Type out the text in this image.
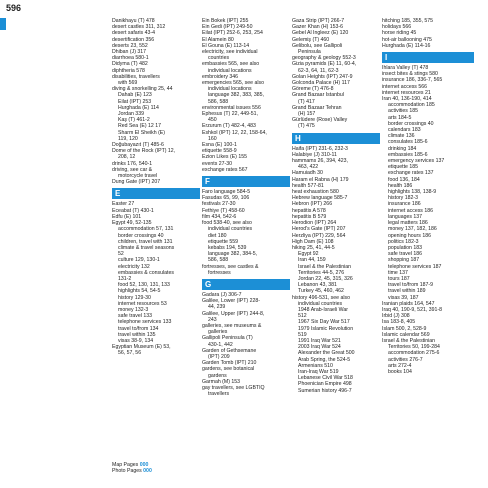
596
Danikhayu (T) 478
desert castles 311, 312
desert safaris 43-4
desertification 356
deserts 23, 552
Dhiban (J) 317
diarrhoea 580-1
Didyma (T) 482
diphtheria 578
disabilities, travellers
with 569
diving & snorkelling 25, 44
Dahab (E) 123
Eilat (IPT) 253
Hurghada (E) 114
Jordan 339
Kaş (T) 461-2
Red Sea (E) 12 17
Sharm El Sheikh (E)
119, 120
Doğubayazıt (T) 485-6
Dome of the Rock (IPT) 12,
208, 12
drinks 176, 540-1
driving, see car &
motorcycle travel
Dung Gate (IPT) 207
E
Easter 27
Eceabat (T) 430-1
Edfu (E) 101
Egypt 49, 52-135
accommodation 57, 131
border crossings 40
children, travel with 131
climate & travel seasons
52
culture 129, 130-1
electricity 132
embassies & consulates
131-2
food 52, 130, 131, 133
highlights 54, 54-5
history 129-30
internet resources 53
money 132-3
safe travel 133
telephone services 133
travel to/from 134
travel within 135
visas 38-9, 134
Egyptian Museum (E) 53,
56, 57, 56
Ein Bokek (IPT) 255
Ein Gedi (IPT) 249-50
Eilat (IPT) 252-6, 253, 254
El Alamein 80
El Gouna (E) 113-14
electricity, see individual
countries
embassies 565, see also
individual locations
embroidery 346
emergencies 565, see also
individual locations
language 382, 383, 385,
586, 588
environmental issues 556
Ephesus (T) 22, 449-51,
450
Erzurum (T) 482-4, 483
Eshkol (IPT) 12, 22, 158-64,
160
Esna (E) 100-1
etiquette 558-9
Ezion Likes (E) 155
events 27-30
exchange rates 567
F
Faro language 584-5
Fasudas 65, 99, 106
festivals 27-30
Fethiye (T) 458-60
film 434, 542-6
food 538-40, see also
individual countries
diet 180
etiquette 559
kebabs 194, 539
language 382, 384-5,
586, 588
fortresses, see castles &
fortresses
G
Gadara (J) 306-7
Galilee, Lower (IPT) 228-
44, 239
Galilee, Upper (IPT) 244-8,
243
galleries, see museums &
galleries
Gallipoli Peninsula (T)
430-1, 442
Garden of Gethsemane
(IPT) 209
Garden Tomb (IPT) 210
gardens, see botanical
gardens
Garmah (M) 153
gay travellers, see LGBTIQ
travellers
Gaza Strip (IPT) 266-7
Gazer Khan (H) 153-6
Gebel Al Ingleez (E) 120
Gelemiş (T) 460
Gelibolu, see Gallipoli
Peninsula
geography & geology 552-3
Gizia pyramids (E) 11, 60-4,
62-3, 64, 11, 62-3
Golan Heights (IPT) 247-9
Golconda Palace (H) 117
Göreme (T) 476-8
Grand Bazaar Istanbul
(T) 417
Grand Bazaar Tehran
(H) 157
Gürlüdere (Rose) Valley
(T) 475
H
Haifa (IPT) 231-6, 232-3
Halabiye (J) 310-11
hammams 26, 394, 423,
463, 422
Hamuiadh 30
Haram el Rabna (H) 179
health 577-81
heat exhaustion 580
Hebrew language 585-7
Hebron (IPT) 266
hepatitis A 578
hepatitis B 579
Herodion (IPT) 264
Herod's Gate (IPT) 207
Herzliya (IPT) 229, 564
High Dam (E) 108
hiking 25, 41, 44-5
Egypt 92
Iran 44, 159
Israel & the Palestinian
Territories 44-5, 276
Jordan 22, 45, 315, 326
Lebanon 43, 381
Turkey 45, 460, 462
history 496-531, see also
individual countries
1948 Arab-Israeli War
512
1967 Six Day War 517
1979 Islamic Revolution
519
1991 Iraq War 521
2003 Iraq War 524
Alexander the Great 500
Arab Spring, the 524-5
Armenians 510
Iran-Iraq War 519
Lebanese Civil War 518
Phoenician Empire 498
Sumerian history 496-7
hitching 185, 355, 575
holidays 566
horse riding 45
hot-air ballooning 475
Hurghada (E) 114-16
I
Ihlara Valley (T) 478
insect bites & stings 580
insurance 186, 336-7, 565
internet access 566
internet resources 21
Iran 40, 136-190, 414
accommodation 185
activities 185
arts 184-5
border crossings 40
calendars 183
climate 136
consulates 185-6
drinking 184
embassies 185-6
emergency services 137
etiquette 185
exchange rates 137
food 136, 184
health 186
highlights 138, 138-9
history 182-3
insurance 186
internet access 186
languages 137
legal matters 186
money 137, 182, 186
opening hours 186
politics 182-3
population 183
safe travel 186
shopping 187
telephone services 187
time 137
tours 187
travel to/from 187-9
travel within 189
visas 39, 187
Iranian plaids 164, 547
Iraq 40, 190-9, 521, 391-8
Irbid (J) 308
Isa 183-8, 405
Islam 500, 2, 528-9
Islamic calendar 569
Israel & the Palestinian
Territories 50, 199-284
accommodation 275-6
activities 276-7
arts 272-4
books 104
Map Pages 000
Photo Pages 000
